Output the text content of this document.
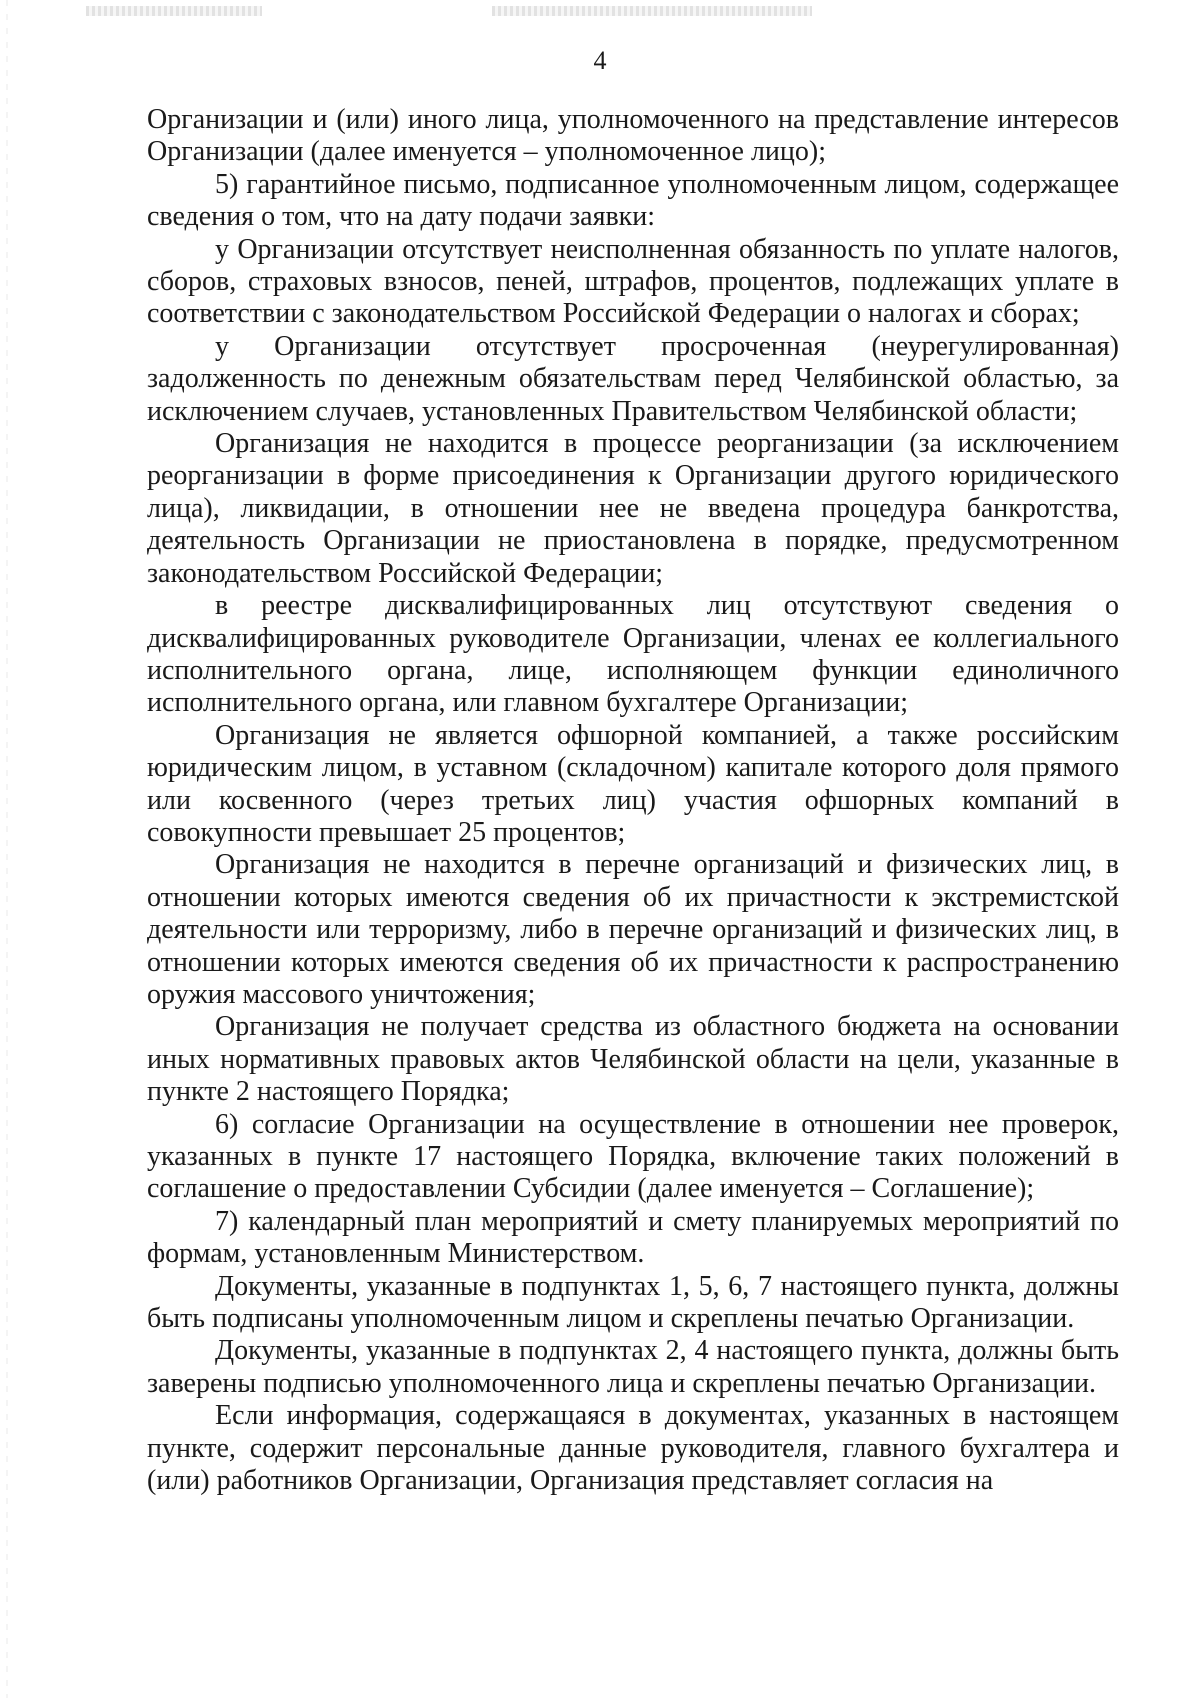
4

Организации и (или) иного лица, уполномоченного на представление интересов Организации (далее именуется – уполномоченное лицо);

5) гарантийное письмо, подписанное уполномоченным лицом, содержащее сведения о том, что на дату подачи заявки:

у Организации отсутствует неисполненная обязанность по уплате налогов, сборов, страховых взносов, пеней, штрафов, процентов, подлежащих уплате в соответствии с законодательством Российской Федерации о налогах и сборах;

у Организации отсутствует просроченная (неурегулированная) задолженность по денежным обязательствам перед Челябинской областью, за исключением случаев, установленных Правительством Челябинской области;

Организация не находится в процессе реорганизации (за исключением реорганизации в форме присоединения к Организации другого юридического лица), ликвидации, в отношении нее не введена процедура банкротства, деятельность Организации не приостановлена в порядке, предусмотренном законодательством Российской Федерации;

в реестре дисквалифицированных лиц отсутствуют сведения о дисквалифицированных руководителе Организации, членах ее коллегиального исполнительного органа, лице, исполняющем функции единоличного исполнительного органа, или главном бухгалтере Организации;

Организация не является офшорной компанией, а также российским юридическим лицом, в уставном (складочном) капитале которого доля прямого или косвенного (через третьих лиц) участия офшорных компаний в совокупности превышает 25 процентов;

Организация не находится в перечне организаций и физических лиц, в отношении которых имеются сведения об их причастности к экстремистской деятельности или терроризму, либо в перечне организаций и физических лиц, в отношении которых имеются сведения об их причастности к распространению оружия массового уничтожения;

Организация не получает средства из областного бюджета на основании иных нормативных правовых актов Челябинской области на цели, указанные в пункте 2 настоящего Порядка;

6) согласие Организации на осуществление в отношении нее проверок, указанных в пункте 17 настоящего Порядка, включение таких положений в соглашение о предоставлении Субсидии (далее именуется – Соглашение);

7) календарный план мероприятий и смету планируемых мероприятий по формам, установленным Министерством.

Документы, указанные в подпунктах 1, 5, 6, 7 настоящего пункта, должны быть подписаны уполномоченным лицом и скреплены печатью Организации.

Документы, указанные в подпунктах 2, 4 настоящего пункта, должны быть заверены подписью уполномоченного лица и скреплены печатью Организации.

Если информация, содержащаяся в документах, указанных в настоящем пункте, содержит персональные данные руководителя, главного бухгалтера и (или) работников Организации, Организация представляет согласия на
